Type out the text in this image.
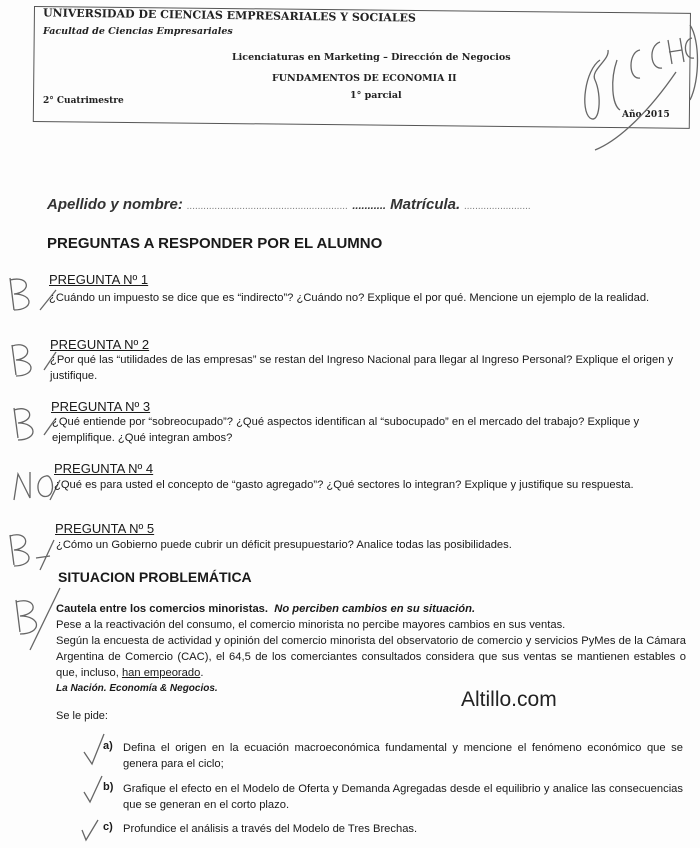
UNIVERSIDAD DE CIENCIAS EMPRESARIALES Y SOCIALES
Facultad de Ciencias Empresariales
Licenciaturas en Marketing – Dirección de Negocios
FUNDAMENTOS DE ECONOMIA II
1° parcial
2° Cuatrimestre
Año 2015
Apellido y nombre: .......................................................... ........... Matrícula. ........................
PREGUNTAS A RESPONDER POR EL ALUMNO
PREGUNTA Nº 1
¿Cuándo un impuesto se dice que es “indirecto”? ¿Cuándo no? Explique el por qué. Mencione un ejemplo de la realidad.
PREGUNTA Nº 2
¿Por qué las “utilidades de las empresas” se restan del Ingreso Nacional para llegar al Ingreso Personal? Explique el origen y justifique.
PREGUNTA Nº 3
¿Qué entiende por “sobreocupado”? ¿Qué aspectos identifican al “subocupado” en el mercado del trabajo? Explique y ejemplifique. ¿Qué integran ambos?
PREGUNTA Nº 4
¿Qué es para usted el concepto de “gasto agregado”? ¿Qué sectores lo integran? Explique y justifique su respuesta.
PREGUNTA Nº 5
¿Cómo un Gobierno puede cubrir un déficit presupuestario? Analice todas las posibilidades.
SITUACION PROBLEMÁTICA
Cautela entre los comercios minoristas. No perciben cambios en su situación.
Pese a la reactivación del consumo, el comercio minorista no percibe mayores cambios en sus ventas.
Según la encuesta de actividad y opinión del comercio minorista del observatorio de comercio y servicios PyMes de la Cámara Argentina de Comercio (CAC), el 64,5 de los comerciantes consultados considera que sus ventas se mantienen estables o que, incluso, han empeorado.
La Nación. Economía & Negocios.	Altillo.com
Se le pide:
a) Defina el origen en la ecuación macroeconómica fundamental y mencione el fenómeno económico que se genera para el ciclo;
b) Grafique el efecto en el Modelo de Oferta y Demanda Agregadas desde el equilibrio y analice las consecuencias que se generan en el corto plazo.
c) Profundice el análisis a través del Modelo de Tres Brechas.
